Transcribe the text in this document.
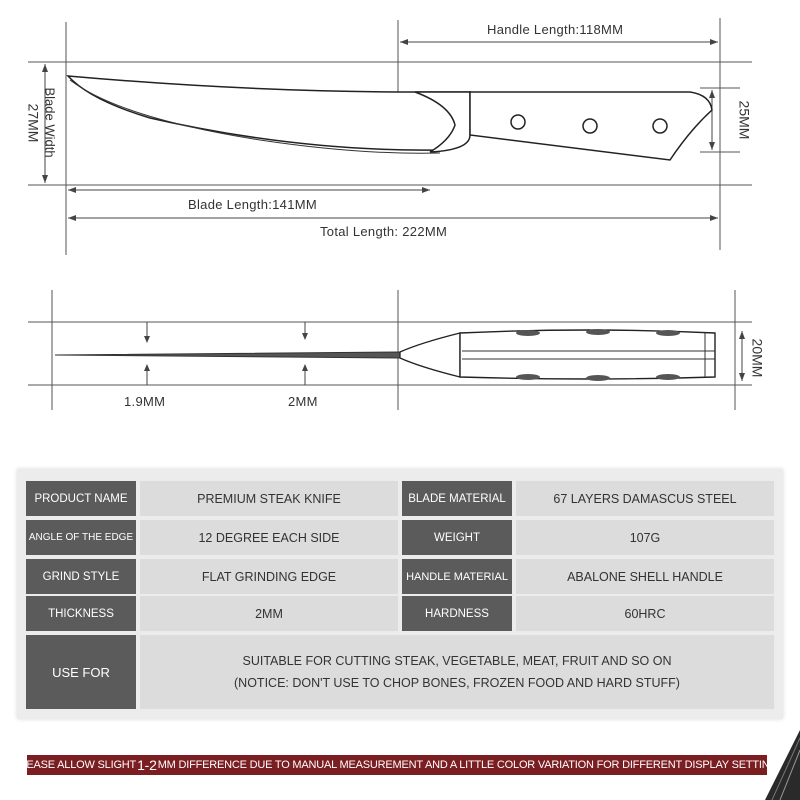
Handle Length:118MM
Blade Width
27MM	25MM
Blade Length:141MM
Total Length: 222MM
1.9MM	2MM
20MM
PRODUCT NAME	PREMIUM STEAK KNIFE	BLADE MATERIAL	67 LAYERS DAMASCUS STEEL
ANGLE OF THE EDGE	12 DEGREE EACH SIDE	WEIGHT	107G
GRIND STYLE	FLAT GRINDING EDGE	HANDLE MATERIAL	ABALONE SHELL HANDLE
THICKNESS	2MM	HARDNESS	60HRC
USE FOR
SUITABLE FOR CUTTING STEAK, VEGETABLE, MEAT, FRUIT AND SO ON
(NOTICE: DON'T USE TO CHOP BONES, FROZEN FOOD AND HARD STUFF)
PLEASE ALLOW SLIGHT 1-2 MM DIFFERENCE DUE TO MANUAL MEASUREMENT AND A LITTLE COLOR VARIATION FOR DIFFERENT DISPLAY SETTING.
